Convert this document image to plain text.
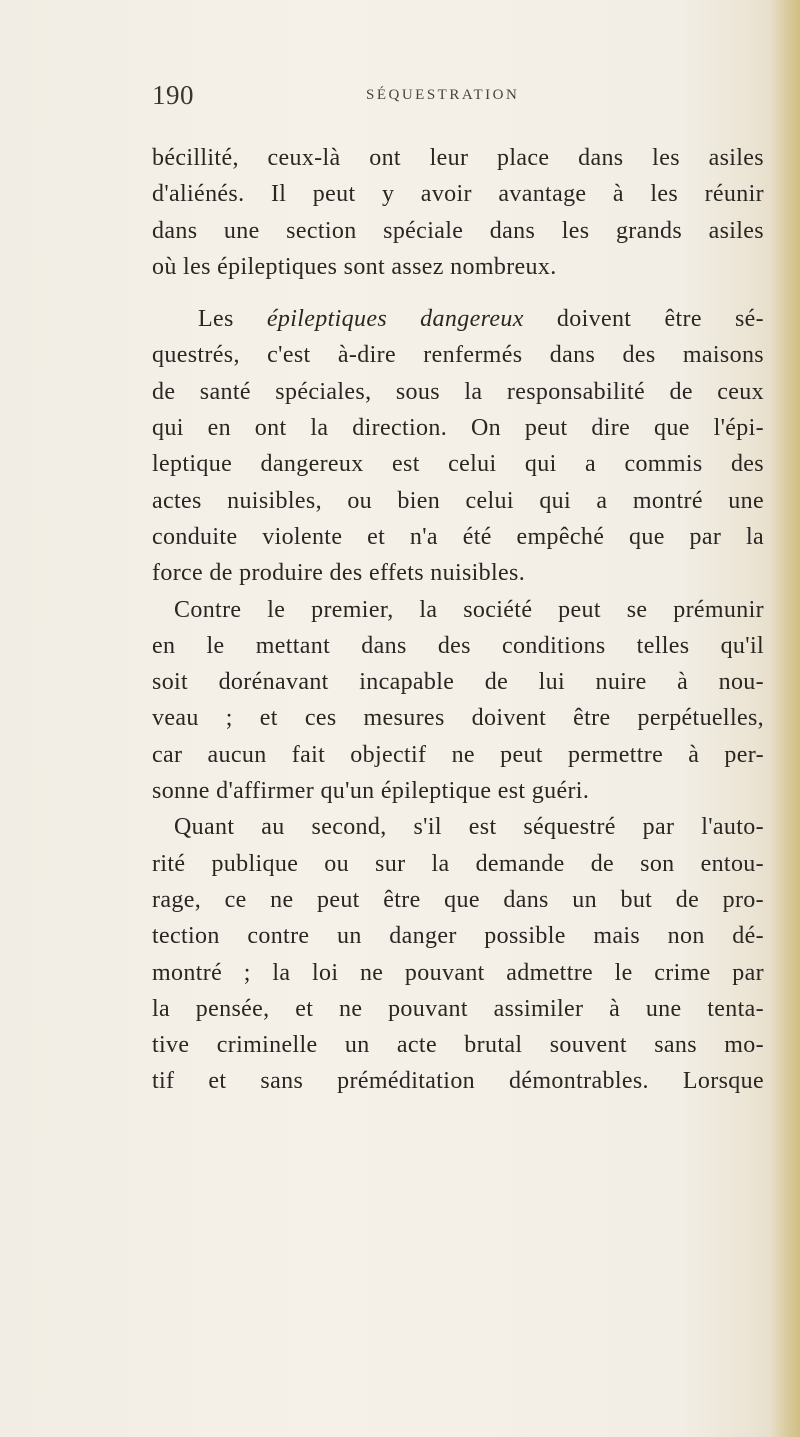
190	SÉQUESTRATION
bécillité, ceux-là ont leur place dans les asiles
d'aliénés. Il peut y avoir avantage à les réunir
dans une section spéciale dans les grands asiles
où les épileptiques sont assez nombreux.
Les épileptiques dangereux doivent être sé-
questrés, c'est à-dire renfermés dans des maisons
de santé spéciales, sous la responsabilité de ceux
qui en ont la direction. On peut dire que l'épi-
leptique dangereux est celui qui a commis des
actes nuisibles, ou bien celui qui a montré une
conduite violente et n'a été empêché que par la
force de produire des effets nuisibles.
Contre le premier, la société peut se prémunir
en le mettant dans des conditions telles qu'il
soit dorénavant incapable de lui nuire à nou-
veau ; et ces mesures doivent être perpétuelles,
car aucun fait objectif ne peut permettre à per-
sonne d'affirmer qu'un épileptique est guéri.
Quant au second, s'il est séquestré par l'auto-
rité publique ou sur la demande de son entou-
rage, ce ne peut être que dans un but de pro-
tection contre un danger possible mais non dé-
montré ; la loi ne pouvant admettre le crime par
la pensée, et ne pouvant assimiler à une tenta-
tive criminelle un acte brutal souvent sans mo-
tif et sans préméditation démontrables. Lorsque
